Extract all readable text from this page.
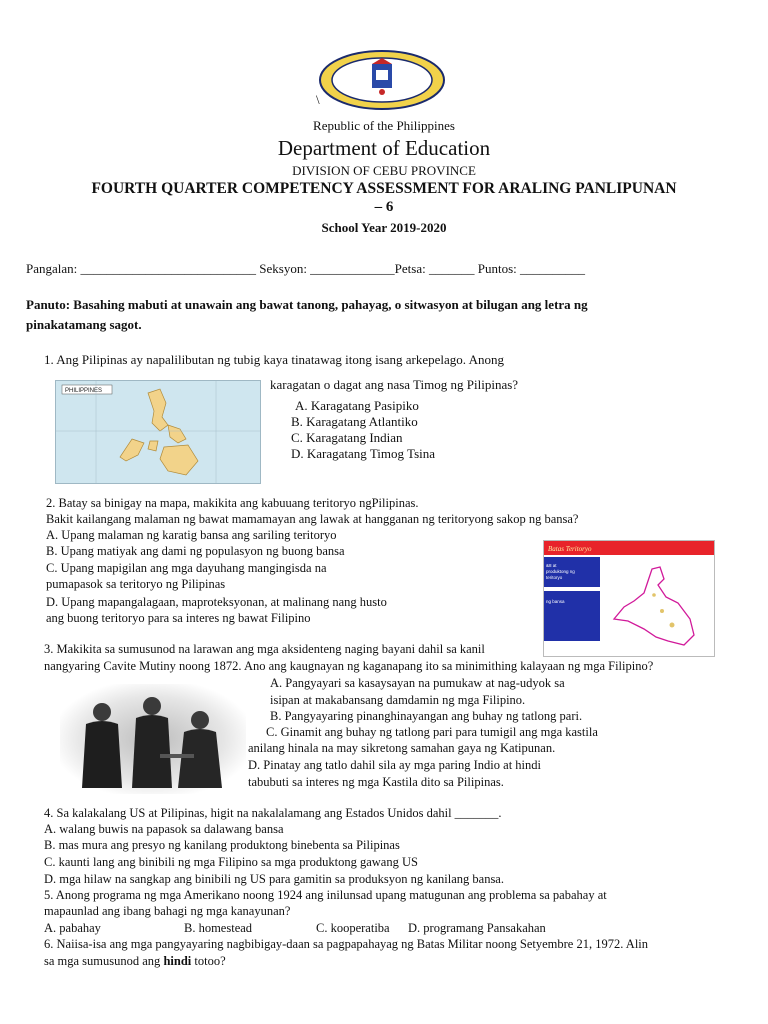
\
Republic of the Philippines
Department of Education
DIVISION OF CEBU PROVINCE
FOURTH QUARTER COMPETENCY ASSESSMENT FOR ARALING PANLIPUNAN
– 6
School Year 2019-2020
Pangalan: ___________________________ Seksyon: _____________Petsa: _______ Puntos: __________
Panuto: Basahing mabuti at unawain ang bawat tanong, pahayag, o sitwasyon at bilugan ang letra ng
pinakatamang sagot.
1. Ang Pilipinas ay napalilibutan ng tubig kaya tinatawag itong isang arkepelago. Anong
PHILIPPINES	karagatan o dagat ang nasa Timog ng Pilipinas?
A. Karagatang Pasipiko
B. Karagatang Atlantiko
C. Karagatang Indian
D. Karagatang Timog Tsina
2. Batay sa binigay na mapa, makikita ang kabuuang teritoryo ngPilipinas.
Bakit kailangang malaman ng bawat mamamayan ang lawak at hangganan ng teritoryong sakop ng bansa?
A. Upang malaman ng karatig bansa ang sariling teritoryo
B. Upang matiyak ang dami ng populasyon ng buong bansa
C. Upang mapigilan ang mga dayuhang mangingisda na
pumapasok sa teritoryo ng Pilipinas
D. Upang mapangalagaan, maproteksyonan, at malinang nang husto
ang buong teritoryo para sa interes ng bawat Filipino
Batas Teritoryo
&8 at
produktong ng
teritoryo
ng bansa
3. Makikita sa sumusunod na larawan ang mga aksidenteng naging bayani dahil sa kanil
nangyaring Cavite Mutiny noong 1872. Ano ang kaugnayan ng kaganapang ito sa minimithing kalayaan ng mga Filipino?
A. Pangyayari sa kasaysayan na pumukaw at nag-udyok sa
isipan at makabansang damdamin ng mga Filipino.
B. Pangyayaring pinanghinayangan ang buhay ng tatlong pari.
C. Ginamit ang buhay ng tatlong pari para tumigil ang mga kastila
anilang hinala na may sikretong samahan gaya ng Katipunan.
D. Pinatay ang tatlo dahil sila ay mga paring Indio at hindi
tabubuti sa interes ng mga Kastila dito sa Pilipinas.
4. Sa kalakalang US at Pilipinas, higit na nakalalamang ang Estados Unidos dahil _______.
A. walang buwis na papasok sa dalawang bansa
B. mas mura ang presyo ng kanilang produktong binebenta sa Pilipinas
C. kaunti lang ang binibili ng mga Filipino sa mga produktong gawang US
D. mga hilaw na sangkap ang binibili ng US para gamitin sa produksyon ng kanilang bansa.
5. Anong programa ng mga Amerikano noong 1924 ang inilunsad upang matugunan ang problema sa pabahay at
mapaunlad ang ibang bahagi ng mga kanayunan?
A. pabahay	B. homestead	C. kooperatiba D. programang Pansakahan
6. Naiisa-isa ang mga pangyayaring nagbibigay-daan sa pagpapahayag ng Batas Militar noong Setyembre 21, 1972. Alin
sa mga sumusunod ang hindi totoo?
